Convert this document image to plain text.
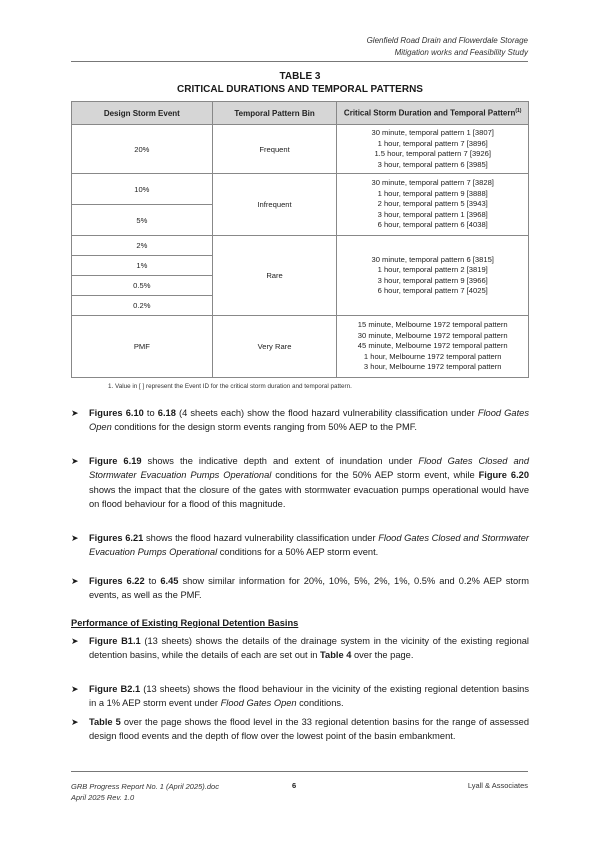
Glenfield Road Drain and Flowerdale Storage
Mitigation works and Feasibility Study
TABLE 3
CRITICAL DURATIONS AND TEMPORAL PATTERNS
Design Storm Event	Temporal Pattern Bin	Critical Storm Duration and Temporal Pattern$^{(1)}$
20%	Frequent	30 minute, temporal pattern 1 [3807]
1 hour, temporal pattern 7 [3896]
1.5 hour, temporal pattern 7 [3926]
3 hour, temporal pattern 6 [3985]

10%	Infrequent	30 minute, temporal pattern 7 [3828]
1 hour, temporal pattern 9 [3888]
2 hour, temporal pattern 5 [3943]
3 hour, temporal pattern 1 [3968]
6 hour, temporal pattern 6 [4038]

5%		
2%	Rare	30 minute, temporal pattern 6 [3815]
1 hour, temporal pattern 2 [3819]
3 hour, temporal pattern 9 [3966]
6 hour, temporal pattern 7 [4025]

1%		
0.5%		
0.2%		
PMF	Very Rare	15 minute, Melbourne 1972 temporal pattern
30 minute, Melbourne 1972 temporal pattern
45 minute, Melbourne 1972 temporal pattern
1 hour, Melbourne 1972 temporal pattern
3 hour, Melbourne 1972 temporal pattern
1. Value in [ ] represent the Event ID for the critical storm duration and temporal pattern.
➤ Figures 6.10 to 6.18 (4 sheets each) show the flood hazard vulnerability classification under Flood Gates Open conditions for the design storm events ranging from 50% AEP to the PMF.
➤ Figure 6.19 shows the indicative depth and extent of inundation under Flood Gates Closed and Stormwater Evacuation Pumps Operational conditions for the 50% AEP storm event, while Figure 6.20 shows the impact that the closure of the gates with stormwater evacuation pumps operational would have on flood behaviour for a flood of this magnitude.
➤ Figures 6.21 shows the flood hazard vulnerability classification under Flood Gates Closed and Stormwater Evacuation Pumps Operational conditions for a 50% AEP storm event.
➤ Figures 6.22 to 6.45 show similar information for 20%, 10%, 5%, 2%, 1%, 0.5% and 0.2% AEP storm events, as well as the PMF.
Performance of Existing Regional Detention Basins
➤ Figure B1.1 (13 sheets) shows the details of the drainage system in the vicinity of the existing regional detention basins, while the details of each are set out in Table 4 over the page.
➤ Figure B2.1 (13 sheets) shows the flood behaviour in the vicinity of the existing regional detention basins in a 1% AEP storm event under Flood Gates Open conditions.
➤ Table 5 over the page shows the flood level in the 33 regional detention basins for the range of assessed design flood events and the depth of flow over the lowest point of the basin embankment.
GRB Progress Report No. 1 (April 2025).doc
April 2025 Rev. 1.0
6	Lyall & Associates
